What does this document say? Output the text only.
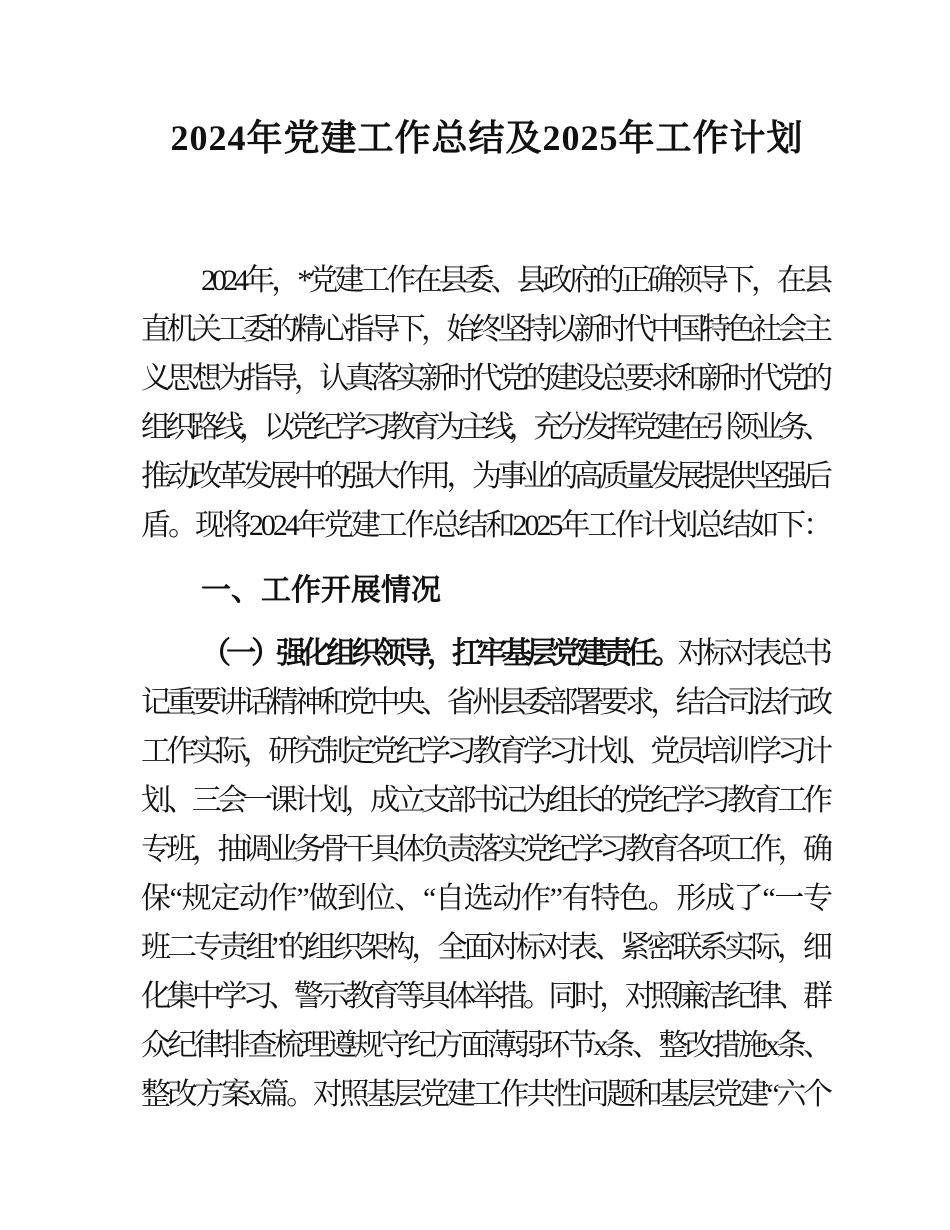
2024年党建工作总结及2025年工作计划
2024年，*党建工作在县委、县政府的正确领导下，在县
直机关工委的精心指导下，始终坚持以新时代中国特色社会主
义思想为指导，认真落实新时代党的建设总要求和新时代党的
组织路线，以党纪学习教育为主线，充分发挥党建在引领业务、
推动改革发展中的强大作用，为事业的高质量发展提供坚强后
盾。现将2024年党建工作总结和2025年工作计划总结如下：
一、工作开展情况
（一）强化组织领导，扛牢基层党建责任。对标对表总书
记重要讲话精神和党中央、省州县委部署要求，结合司法行政
工作实际，研究制定党纪学习教育学习计划、党员培训学习计
划、三会一课计划，成立支部书记为组长的党纪学习教育工作
专班，抽调业务骨干具体负责落实党纪学习教育各项工作，确
保“规定动作”做到位、“自选动作”有特色。形成了“一专
班二专责组”的组织架构，全面对标对表、紧密联系实际，细
化集中学习、警示教育等具体举措。同时，对照廉洁纪律、群
众纪律排查梳理遵规守纪方面薄弱环节x条、整改措施x条、
整改方案x篇。对照基层党建工作共性问题和基层党建“六个
